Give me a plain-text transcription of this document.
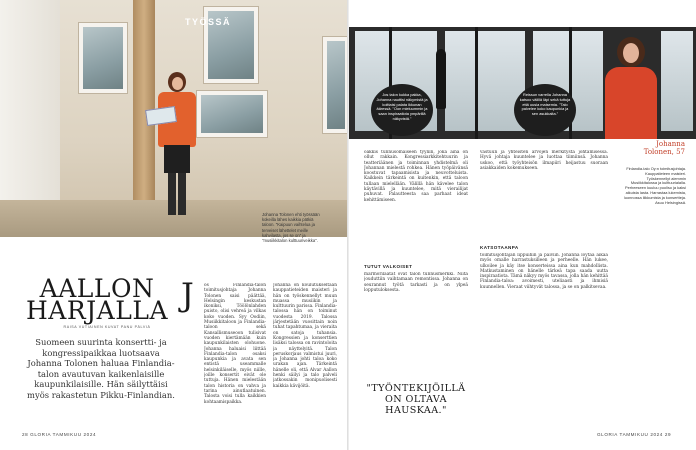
TYÖSSÄ
Johanna Tolonen ehti työssään kokeilla lähes kaikkia pätkiä taloon. "Kaipuun vaihtelua ja terveiset lähettelet meille kahvilasta, jos se on" ja "musiikkitalon kulttuuriveikka".
AALLON HARJALLA
RAISA VUTIAINEN KUVAT PANU PÄLVIÄ
Suomeen suurinta konsertti- ja kongressipaikkaa luotsaava Johanna Tolonen haluaa Finlandia-talon avautuvan kaikenlaisille kaupunkilaisille. Hän säilyttäisi myös rakastetun Pikku-Finlandian.
J os Finlandia-talon toimitusjohtaja Johanna Tolonen saisi päättää, Helsingin keskustan ikoniksi, Töölönlahden puisto, olisi vehreä ja vilkas koko vuoden. Syy Oodiin, Musiikkitaloon ja Finlandia-taloon sekä Kansallismuseoon tulisivat vuoden kiertämään kuin kaupunkilaisten olohuone. Johanna haluaisi liittää Finlandia-talon osaksi kaupunkia ja avata sen entistä useammalle helsinkiläiselle, myös niille, joille konsertit eivät ole tuttuja. Hänen mielestään talon historia on vahva ja tarina ainutlaatuinen. Talosta voisi tulla kaikkien kohtaamispaikka.
Johanna on koulutukseltaan kauppatieteiden maisteri ja hän on työskennellyt muun muassa musiikin ja kulttuurin parissa. Finlandia-talossa hän on toiminut vuodesta 2019. Talossa järjestetään vuosittain noin tuhat tapahtumaa, ja vieraita on satoja tuhansia. Kongressien ja konserttien lisäksi talossa on ravintoloita ja näyttelyitä. Talon peruskorjaus valmistui juuri, ja Johanna johti taloa koko urakan ajan. Tärkeintä hänelle oli, että Alvar Aallon henki säilyi ja talo palveli jatkossakin monipuolisesti kaikkia kävijöitä.
28 GLORIA TAMMIKUU 2024
Jos talon kukka pakka, Johanna nauttisi näkymistä ja koittaisi palata ikkunan ääressä. "Oon mieluummin ja saan inspiraatiota ympärillä näkyvistä."
Reissun varrella Johanna katsoo välillä läpi sekä tuttuja että uusia maisemia. "Talo palvelee koko kaupunkia ja sen asukkaita."
oakkis tunnusomaiseen tyyliin, joka aina on ollut rakkain. Kongressiarkkitehtuurin ja teatteriäänen ja toiminnan yhdistelmä oli Johannan mielestä rohkea. Hänen työpäivänsä koostuvat tapaamisista ja neuvotteluista. Kaikkein tärkeintä on kuitenkin, että taloon tullaan mielellään. Välillä hän kävelee talon käytävillä ja kuuntelee, mitä vierailijat puhuvat. Palautteesta saa parhaat ideat kehittämiseen.
TUTUT VALKOISET
marmorilaatat ovat talon tunnusmerkki. Niitä jouduttiin vaihtamaan remontissa. Johanna on seurannut työtä tarkasti ja on ylpeä lopputuloksesta.
"TYÖNTEKIJÖILLÄ ON OLTAVA HAUSKAA."
vastuun ja yhteisten arvojen merkitystä johtamisessa. Hyvä johtaja kuuntelee ja luottaa tiimiinsä. Johanna uskoo, että työyhteisön ilmapiiri heijastuu suoraan asiakkaiden kokemukseen.
KATSOTAANPA
toimitusjohtajan lippuihin ja päiviin. Johanna löytää aikaa myös omalle harrastuksilleen ja perheelle. Hän lukee, ulkoilee ja käy itse konserteissa aina kun mahdollista. Matkustaminen on hänelle tärkeä tapa saada uutta inspiraatiota. Tämä näkyy myös tavassa, jolla hän kehittää Finlandia-taloa: avoimesti, uteliaasti ja ihmisiä kuunnellen. Vieraat viihtyvät talossa, ja se on palkitsevaa.
Johanna Tolonen, 57
Finlandia-talo Oy:n toimitusjohtaja. Kauppatieteen maisteri. Työskennellyt aiemmin Musiikkitalossa ja kulttuurialalla. Perheeseen kuuluu puoliso ja kaksi aikuista lasta. Harrastaa lukemista, luonnossa liikkumista ja konsertteja. Asuu Helsingissä.
GLORIA TAMMIKUU 2024 29
